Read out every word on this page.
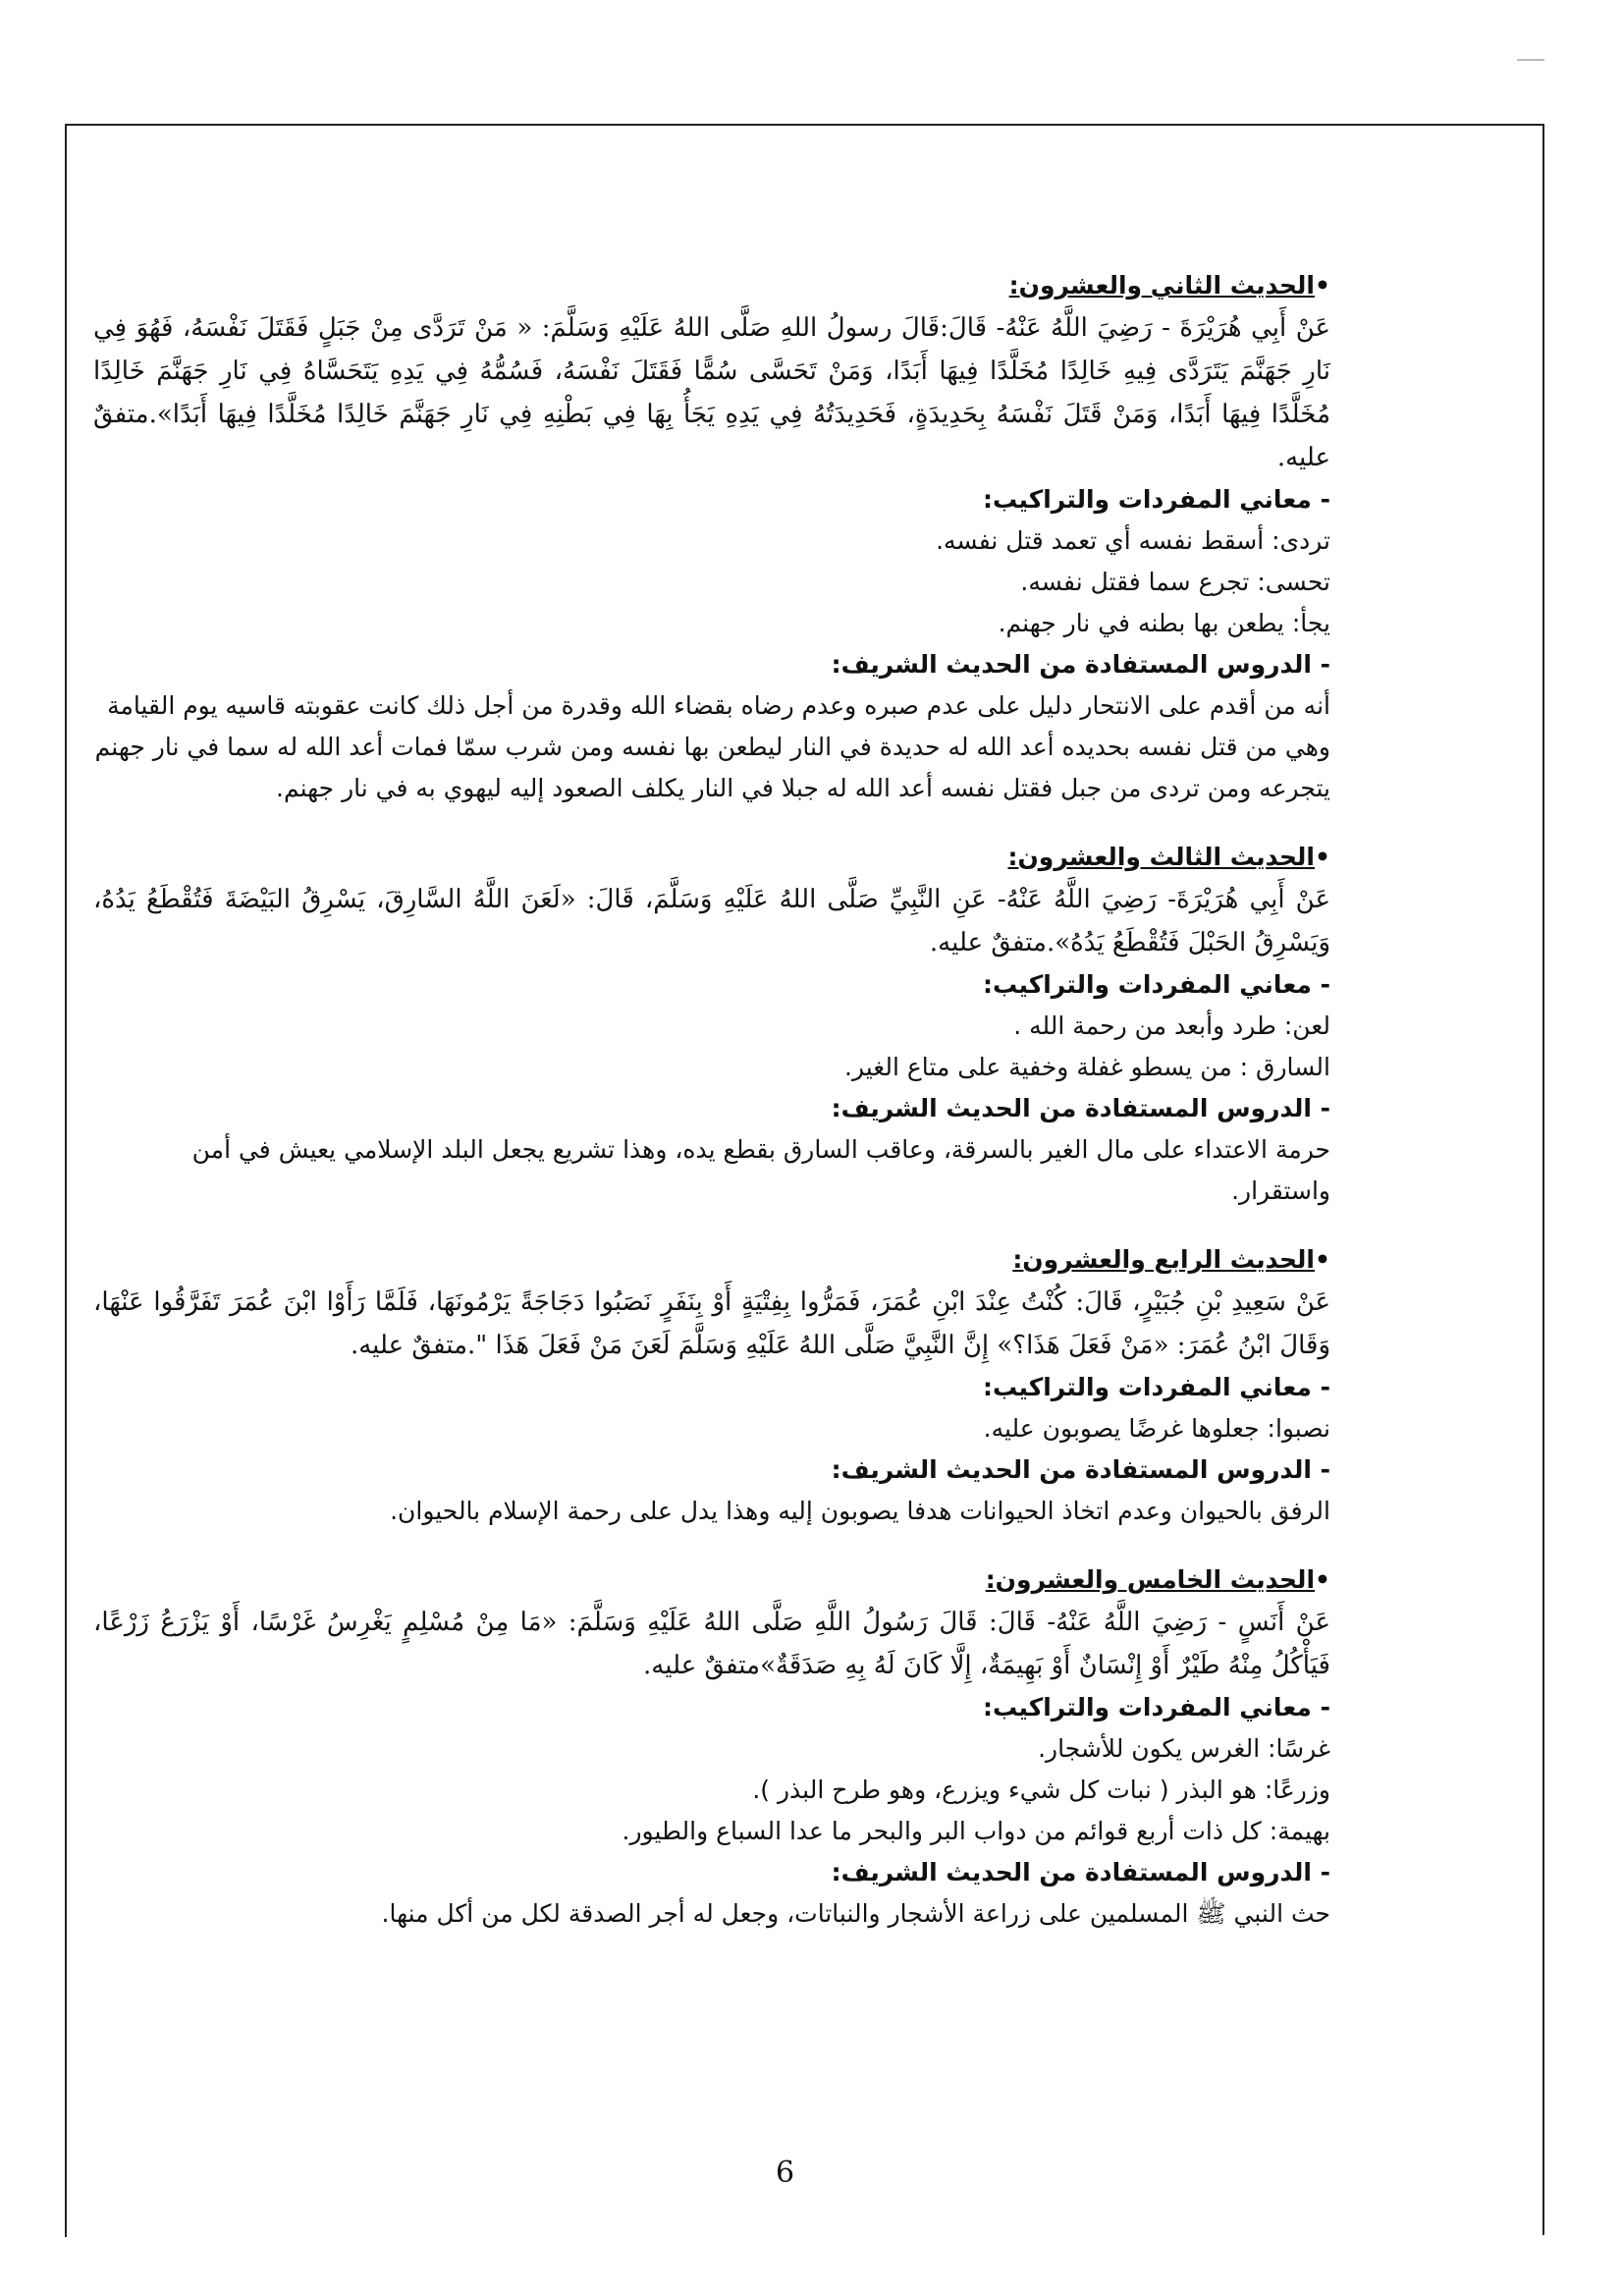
•الحديث الثاني والعشرون:

عَنْ أَبِي هُرَيْرَةَ - رَضِيَ اللَّهُ عَنْهُ- قَالَ:قَالَ رسولُ اللهِ صَلَّى اللهُ عَلَيْهِ وَسَلَّمَ: « مَنْ تَرَدَّى مِنْ جَبَلٍ فَقَتَلَ نَفْسَهُ، فَهُوَ فِي نَارِ جَهَنَّمَ يَتَرَدَّى فِيهِ خَالِدًا مُخَلَّدًا فِيهَا أَبَدًا، وَمَنْ تَحَسَّى سُمًّا فَقَتَلَ نَفْسَهُ، فَسُمُّهُ فِي يَدِهِ يَتَحَسَّاهُ فِي نَارِ جَهَنَّمَ خَالِدًا مُخَلَّدًا فِيهَا أَبَدًا، وَمَنْ قَتَلَ نَفْسَهُ بِحَدِيدَةٍ، فَحَدِيدَتُهُ فِي يَدِهِ يَجَأُ بِهَا فِي بَطْنِهِ فِي نَارِ جَهَنَّمَ خَالِدًا مُخَلَّدًا فِيهَا أَبَدًا».متفقٌ عليه.

- معاني المفردات والتراكيب:

تردى: أسقط نفسه أي تعمد قتل نفسه.

تحسى: تجرع سما فقتل نفسه.

يجأ: يطعن بها بطنه في نار جهنم.

- الدروس المستفادة من الحديث الشريف:

أنه من أقدم على الانتحار دليل على عدم صبره وعدم رضاه بقضاء الله وقدرة من أجل ذلك كانت عقوبته قاسيه يوم القيامة وهي من قتل نفسه بحديده أعد الله له حديدة في النار ليطعن بها نفسه ومن شرب سمّا فمات أعد الله له سما في نار جهنم يتجرعه ومن تردى من جبل فقتل نفسه أعد الله له جبلا في النار يكلف الصعود إليه ليهوي به في نار جهنم.

•الحديث الثالث والعشرون:

عَنْ أَبِي هُرَيْرَةَ- رَضِيَ اللَّهُ عَنْهُ- عَنِ النَّبِيِّ صَلَّى اللهُ عَلَيْهِ وَسَلَّمَ، قَالَ: «لَعَنَ اللَّهُ السَّارِقَ، يَسْرِقُ البَيْضَةَ فَتُقْطَعُ يَدُهُ، وَيَسْرِقُ الحَبْلَ فَتُقْطَعُ يَدُهُ».متفقٌ عليه.

- معاني المفردات والتراكيب:

لعن: طرد وأبعد من رحمة الله .

السارق : من يسطو غفلة وخفية على متاع الغير.

- الدروس المستفادة من الحديث الشريف:

حرمة الاعتداء على مال الغير بالسرقة، وعاقب السارق بقطع يده، وهذا تشريع يجعل البلد الإسلامي يعيش في أمن واستقرار.

•الحديث الرابع والعشرون:

عَنْ سَعِيدِ بْنِ جُبَيْرٍ، قَالَ: كُنْتُ عِنْدَ ابْنِ عُمَرَ، فَمَرُّوا بِفِتْيَةٍ أَوْ بِنَفَرٍ نَصَبُوا دَجَاجَةً يَرْمُونَهَا، فَلَمَّا رَأَوْا ابْنَ عُمَرَ تَفَرَّقُوا عَنْهَا، وَقَالَ ابْنُ عُمَرَ: «مَنْ فَعَلَ هَذَا؟» إِنَّ النَّبِيَّ صَلَّى اللهُ عَلَيْهِ وَسَلَّمَ لَعَنَ مَنْ فَعَلَ هَذَا ".متفقٌ عليه.

- معاني المفردات والتراكيب:

نصبوا: جعلوها غرضًا يصوبون عليه.

- الدروس المستفادة من الحديث الشريف:

الرفق بالحيوان وعدم اتخاذ الحيوانات هدفا يصوبون إليه وهذا يدل على رحمة الإسلام بالحيوان.

•الحديث الخامس والعشرون:

عَنْ أَنَسٍ - رَضِيَ اللَّهُ عَنْهُ- قَالَ: قَالَ رَسُولُ اللَّهِ صَلَّى اللهُ عَلَيْهِ وَسَلَّمَ: «مَا مِنْ مُسْلِمٍ يَغْرِسُ غَرْسًا، أَوْ يَزْرَعُ زَرْعًا، فَيَأْكُلُ مِنْهُ طَيْرٌ أَوْ إِنْسَانٌ أَوْ بَهِيمَةٌ، إِلَّا كَانَ لَهُ بِهِ صَدَقَةٌ»متفقٌ عليه.

- معاني المفردات والتراكيب:

غرسًا: الغرس يكون للأشجار.

وزرعًا: هو البذر ( نبات كل شيء ويزرع، وهو طرح البذر ).

بهيمة: كل ذات أربع قوائم من دواب البر والبحر ما عدا السباع والطيور.

- الدروس المستفادة من الحديث الشريف:

حث النبي ﷺ المسلمين على زراعة الأشجار والنباتات، وجعل له أجر الصدقة لكل من أكل منها.

6
